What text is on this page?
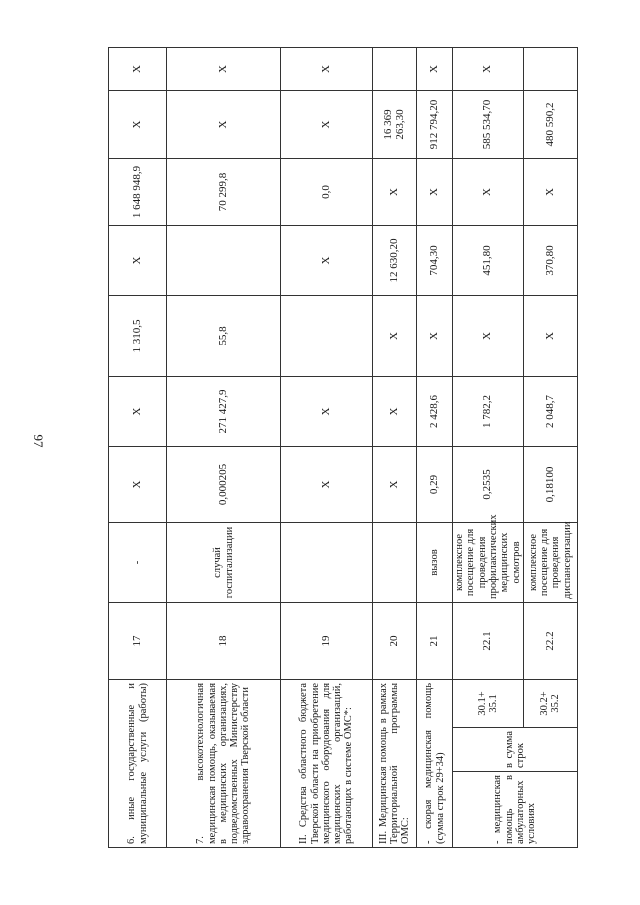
97
6. иные государственные и муниципальные услуги (работы)			17	-	X	X	1 310,5	X	1 648 948,9	X	X
7. высокотехнологичная медицинская помощь, оказываемая в медицинских организациях, подведомственных Министерству здравоохранения Тверской области			18	случай госпитализации	0,000205	271 427,9	55,8		70 299,8	X	X
II. Средства областного бюджета Тверской области на приобретение медицинского оборудования для медицинских организаций, работающих в системе ОМС*:			19		X	X		X	0,0	X	X
III. Медицинская помощь в рамках Территориальной программы ОМС:			20		X	X	X	12 630,20	X	16 369 263,30	
- скорая медицинская помощь (сумма строк 29+34)			21	вызов	0,29	2 428,6	X	704,30	X	912 794,20	X
- медицинская помощь в амбулаторных условиях	в сумма строк	30.1+ 35.1	22.1	комплексное посещение для проведения профилактических медицинских осмотров	0,2535	1 782,2	X	451,80	X	585 534,70	X
		30.2+ 35.2	22.2	комплексное посещение для проведения диспансеризации	0,18100	2 048,7	X	370,80	X	480 590,2	
